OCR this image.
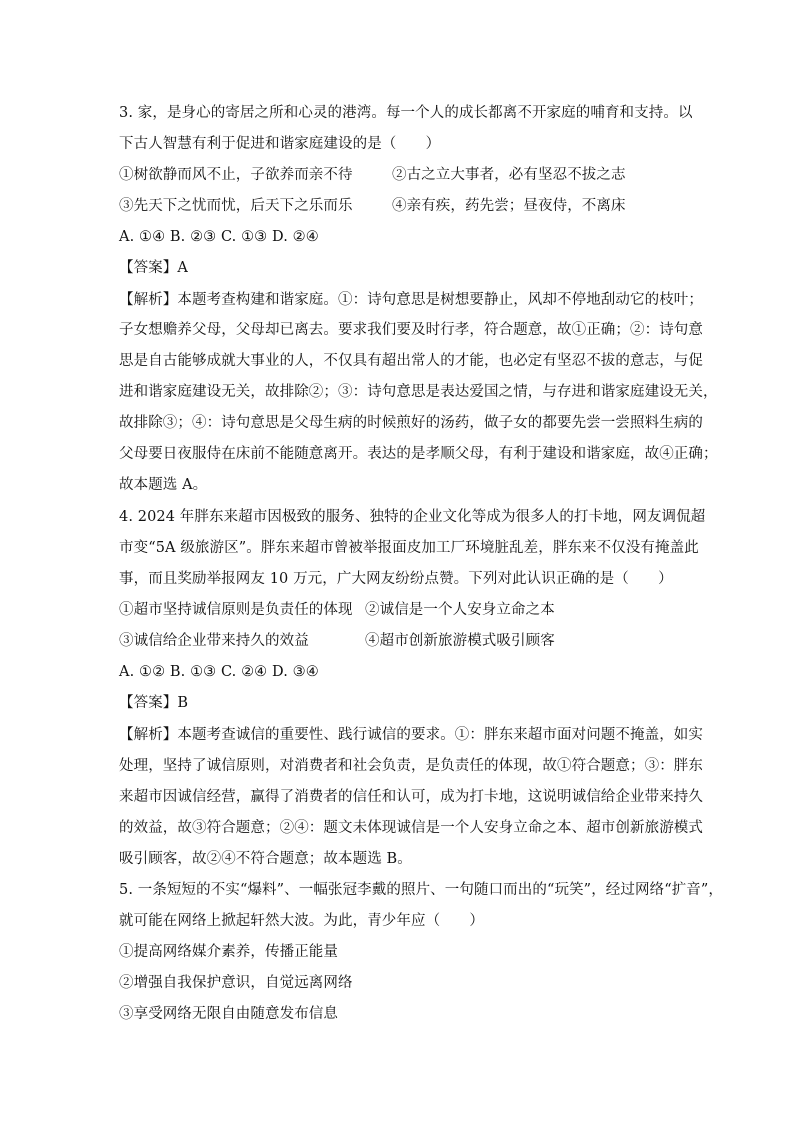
3. 家，是身心的寄居之所和心灵的港湾。每一个人的成长都离不开家庭的哺育和支持。以
下古人智慧有利于促进和谐家庭建设的是（　　）
①树欲静而风不止，子欲养而亲不待	②古之立大事者，必有坚忍不拔之志
③先天下之忧而忧，后天下之乐而乐	④亲有疾，药先尝；昼夜侍，不离床
A. ①④ B. ②③ C. ①③ D. ②④
【答案】A
【解析】本题考查构建和谐家庭。①：诗句意思是树想要静止，风却不停地刮动它的枝叶；
子女想赡养父母，父母却已离去。要求我们要及时行孝，符合题意，故①正确；②：诗句意
思是自古能够成就大事业的人，不仅具有超出常人的才能，也必定有坚忍不拔的意志，与促
进和谐家庭建设无关，故排除②；③：诗句意思是表达爱国之情，与存进和谐家庭建设无关，
故排除③；④：诗句意思是父母生病的时候煎好的汤药，做子女的都要先尝一尝照料生病的
父母要日夜服侍在床前不能随意离开。表达的是孝顺父母，有利于建设和谐家庭，故④正确；
故本题选 A。
4. 2024 年胖东来超市因极致的服务、独特的企业文化等成为很多人的打卡地，网友调侃超
市变“5A 级旅游区”。胖东来超市曾被举报面皮加工厂环境脏乱差，胖东来不仅没有掩盖此
事，而且奖励举报网友 10 万元，广大网友纷纷点赞。下列对此认识正确的是（　　）
①超市坚持诚信原则是负责任的体现 ②诚信是一个人安身立命之本
③诚信给企业带来持久的效益	④超市创新旅游模式吸引顾客
A. ①② B. ①③ C. ②④ D. ③④
【答案】B
【解析】本题考查诚信的重要性、践行诚信的要求。①：胖东来超市面对问题不掩盖，如实
处理，坚持了诚信原则，对消费者和社会负责，是负责任的体现，故①符合题意；③：胖东
来超市因诚信经营，赢得了消费者的信任和认可，成为打卡地，这说明诚信给企业带来持久
的效益，故③符合题意；②④：题文未体现诚信是一个人安身立命之本、超市创新旅游模式
吸引顾客，故②④不符合题意；故本题选 B。
5. 一条短短的不实“爆料”、一幅张冠李戴的照片、一句随口而出的“玩笑”，经过网络“扩音”，
就可能在网络上掀起轩然大波。为此，青少年应（　　）
①提高网络媒介素养，传播正能量
②增强自我保护意识，自觉远离网络
③享受网络无限自由随意发布信息
